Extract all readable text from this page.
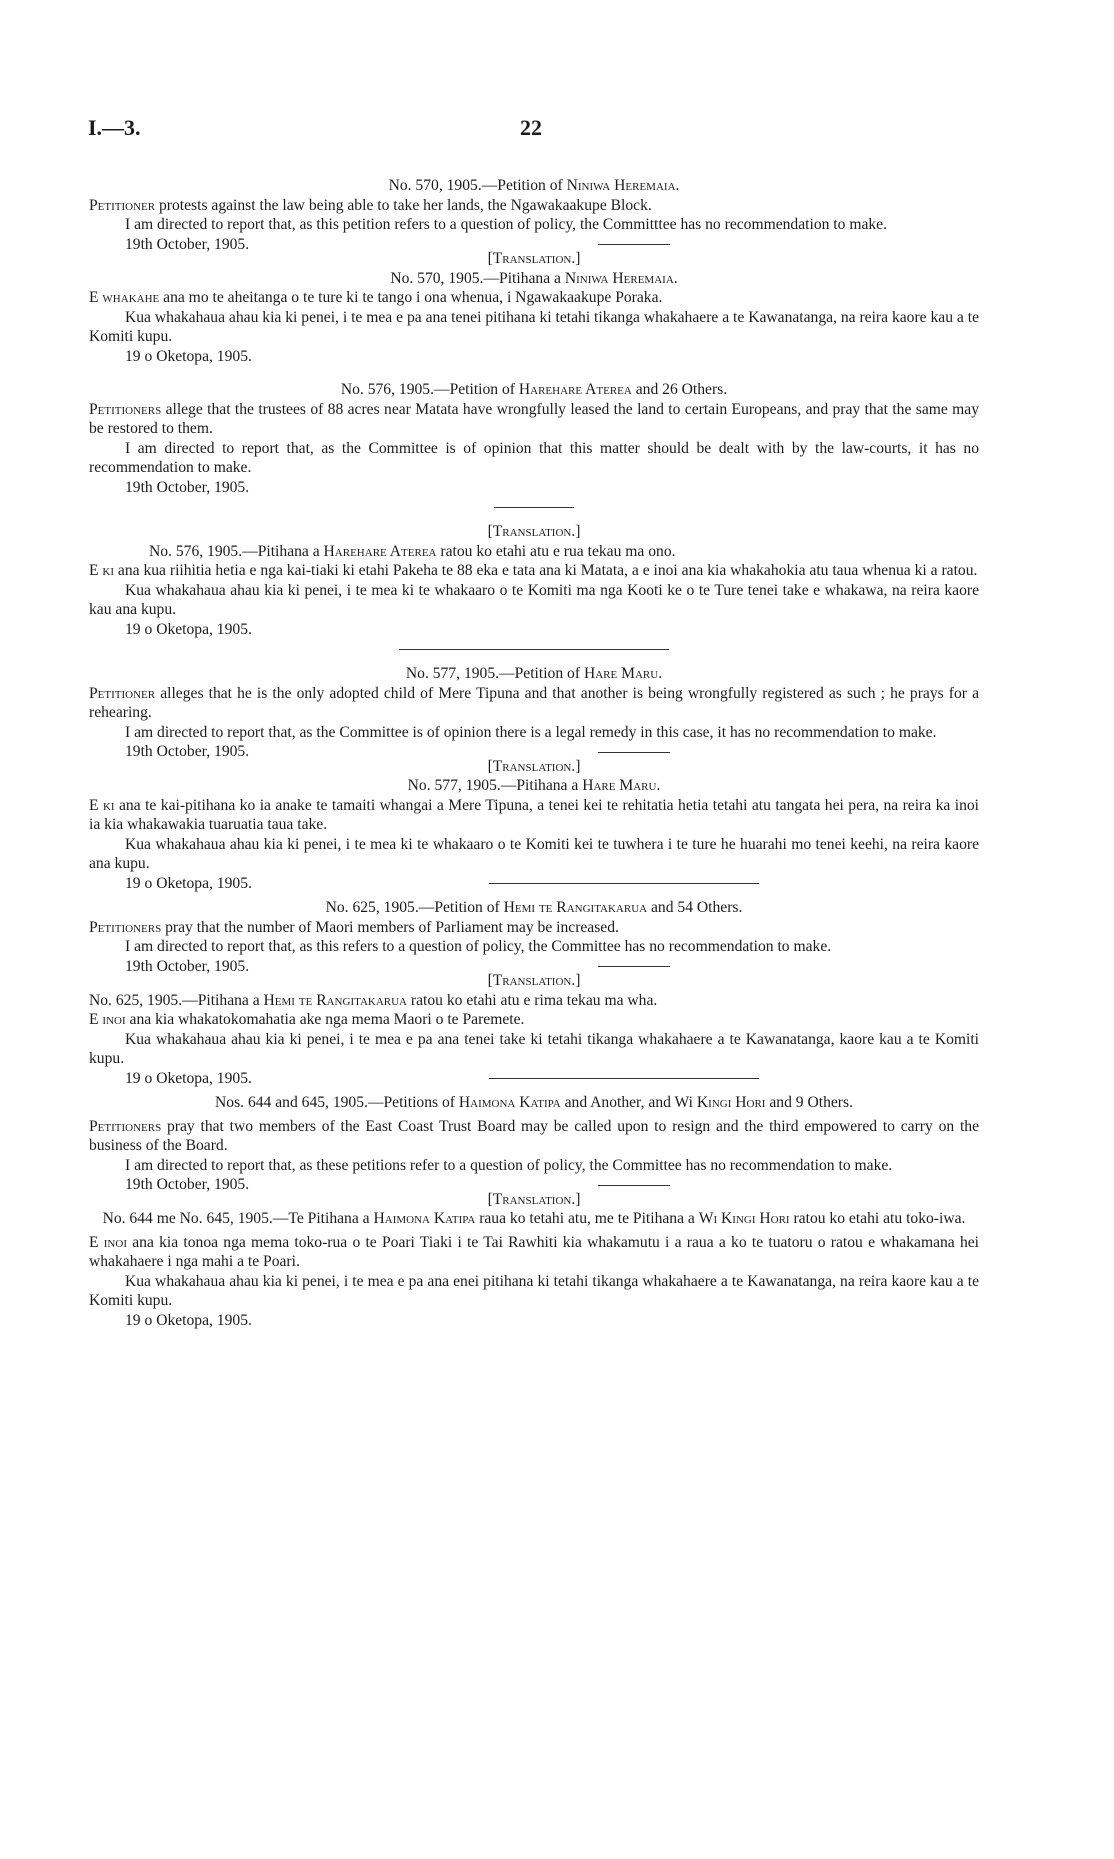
I.—3.	22

No. 570, 1905.—Petition of Niniwa Heremaia.

Petitioner protests against the law being able to take her lands, the Ngawakaakupe Block.

I am directed to report that, as this petition refers to a question of policy, the Committtee has no recommendation to make.

19th October, 1905.

[Translation.]

No. 570, 1905.—Pitihana a Niniwa Heremaia.

E whakahe ana mo te aheitanga o te ture ki te tango i ona whenua, i Ngawakaakupe Poraka.

Kua whakahaua ahau kia ki penei, i te mea e pa ana tenei pitihana ki tetahi tikanga whakahaere a te Kawanatanga, na reira kaore kau a te Komiti kupu.

19 o Oketopa, 1905.

No. 576, 1905.—Petition of Harehare Aterea and 26 Others.

Petitioners allege that the trustees of 88 acres near Matata have wrongfully leased the land to certain Europeans, and pray that the same may be restored to them.

I am directed to report that, as the Committee is of opinion that this matter should be dealt with by the law-courts, it has no recommendation to make.

19th October, 1905.

[Translation.]

No. 576, 1905.—Pitihana a Harehare Aterea ratou ko etahi atu e rua tekau ma ono.

E ki ana kua riihitia hetia e nga kai-tiaki ki etahi Pakeha te 88 eka e tata ana ki Matata, a e inoi ana kia whakahokia atu taua whenua ki a ratou.

Kua whakahaua ahau kia ki penei, i te mea ki te whakaaro o te Komiti ma nga Kooti ke o te Ture tenei take e whakawa, na reira kaore kau ana kupu.

19 o Oketopa, 1905.

No. 577, 1905.—Petition of Hare Maru.

Petitioner alleges that he is the only adopted child of Mere Tipuna and that another is being wrongfully registered as such ; he prays for a rehearing.

I am directed to report that, as the Committee is of opinion there is a legal remedy in this case, it has no recommendation to make.

19th October, 1905.

[Translation.]

No. 577, 1905.—Pitihana a Hare Maru.

E ki ana te kai-pitihana ko ia anake te tamaiti whangai a Mere Tipuna, a tenei kei te rehitatia hetia tetahi atu tangata hei pera, na reira ka inoi ia kia whakawakia tuaruatia taua take.

Kua whakahaua ahau kia ki penei, i te mea ki te whakaaro o te Komiti kei te tuwhera i te ture he huarahi mo tenei keehi, na reira kaore ana kupu.

19 o Oketopa, 1905.

No. 625, 1905.—Petition of Hemi te Rangitakarua and 54 Others.

Petitioners pray that the number of Maori members of Parliament may be increased.

I am directed to report that, as this refers to a question of policy, the Committee has no recommendation to make.

19th October, 1905.

[Translation.]

No. 625, 1905.—Pitihana a Hemi te Rangitakarua ratou ko etahi atu e rima tekau ma wha.

E inoi ana kia whakatokomahatia ake nga mema Maori o te Paremete.

Kua whakahaua ahau kia ki penei, i te mea e pa ana tenei take ki tetahi tikanga whakahaere a te Kawanatanga, kaore kau a te Komiti kupu.

19 o Oketopa, 1905.

Nos. 644 and 645, 1905.—Petitions of Haimona Katipa and Another, and Wi Kingi Hori and 9 Others.

Petitioners pray that two members of the East Coast Trust Board may be called upon to resign and the third empowered to carry on the business of the Board.

I am directed to report that, as these petitions refer to a question of policy, the Committee has no recommendation to make.

19th October, 1905.

[Translation.]

No. 644 me No. 645, 1905.—Te Pitihana a Haimona Katipa raua ko tetahi atu, me te Pitihana a Wi Kingi Hori ratou ko etahi atu toko-iwa.

E inoi ana kia tonoa nga mema toko-rua o te Poari Tiaki i te Tai Rawhiti kia whakamutu i a raua a ko te tuatoru o ratou e whakamana hei whakahaere i nga mahi a te Poari.

Kua whakahaua ahau kia ki penei, i te mea e pa ana enei pitihana ki tetahi tikanga whakahaere a te Kawanatanga, na reira kaore kau a te Komiti kupu.

19 o Oketopa, 1905.
